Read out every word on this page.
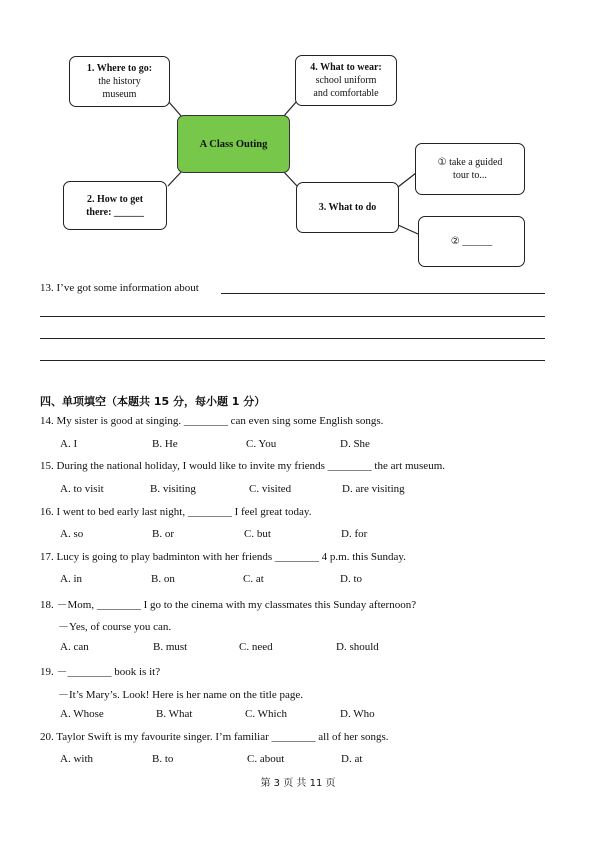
1. Where to go:
the history
museum
4. What to wear:
school uniform
and comfortable
A Class Outing
2. How to get
there: ______	3. What to do
① take a guided
tour to...
② ______
13. I’ve got some information about
四、单项填空（本题共 15 分，每小题 1 分）
14. My sister is good at singing. ________ can even sing some English songs.
A. I	B. He	C. You	D. She
15. During the national holiday, I would like to invite my friends ________ the art museum.
A. to visit	B. visiting	C. visited	D. are visiting
16. I went to bed early last night, ________ I feel great today.
A. so	B. or	C. but	D. for
17. Lucy is going to play badminton with her friends ________ 4 p.m. this Sunday.
A. in	B. on	C. at	D. to
18. －Mom, ________ I go to the cinema with my classmates this Sunday afternoon?
－Yes, of course you can.
A. can	B. must	C. need	D. should
19. －________ book is it?
－It’s Mary’s. Look! Here is her name on the title page.
A. Whose	B. What	C. Which	D. Who
20. Taylor Swift is my favourite singer. I’m familiar ________ all of her songs.
A. with	B. to	C. about	D. at
第 3 页 共 11 页
